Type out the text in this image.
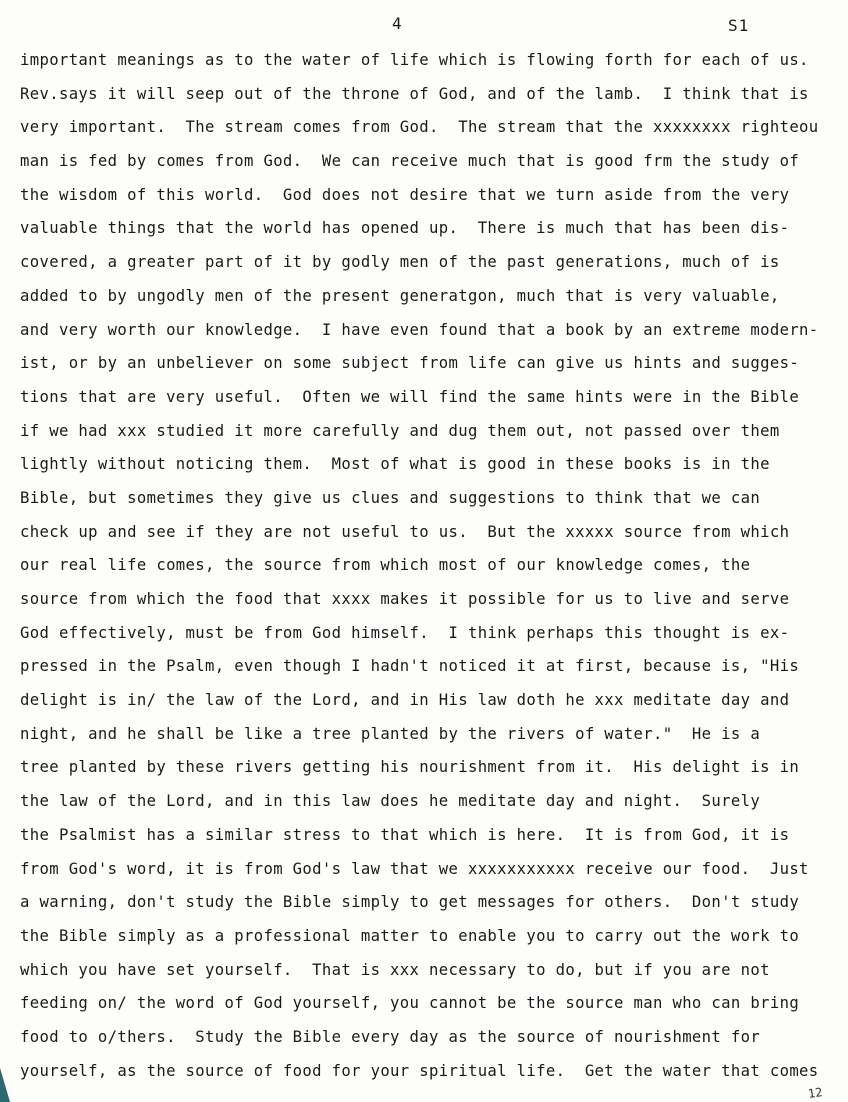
4	S1
important meanings as to the water of life which is flowing forth for each of us.
Rev.says it will seep out of the throne of God, and of the lamb.  I think that is
very important.  The stream comes from God.  The stream that the xxxxxxxx righteou
man is fed by comes from God.  We can receive much that is good frm the study of
the wisdom of this world.  God does not desire that we turn aside from the very
valuable things that the world has opened up.  There is much that has been dis-
covered, a greater part of it by godly men of the past generations, much of is
added to by ungodly men of the present generatgon, much that is very valuable,
and very worth our knowledge.  I have even found that a book by an extreme modern-
ist, or by an unbeliever on some subject from life can give us hints and sugges-
tions that are very useful.  Often we will find the same hints were in the Bible
if we had xxx studied it more carefully and dug them out, not passed over them
lightly without noticing them.  Most of what is good in these books is in the
Bible, but sometimes they give us clues and suggestions to think that we can
check up and see if they are not useful to us.  But the xxxxx source from which
our real life comes, the source from which most of our knowledge comes, the
source from which the food that xxxx makes it possible for us to live and serve
God effectively, must be from God himself.  I think perhaps this thought is ex-
pressed in the Psalm, even though I hadn't noticed it at first, because is, "His
delight is in/ the law of the Lord, and in His law doth he xxx meditate day and
night, and he shall be like a tree planted by the rivers of water."  He is a
tree planted by these rivers getting his nourishment from it.  His delight is in
the law of the Lord, and in this law does he meditate day and night.  Surely
the Psalmist has a similar stress to that which is here.  It is from God, it is
from God's word, it is from God's law that we xxxxxxxxxxx receive our food.  Just
a warning, don't study the Bible simply to get messages for others.  Don't study
the Bible simply as a professional matter to enable you to carry out the work to
which you have set yourself.  That is xxx necessary to do, but if you are not
feeding on/ the word of God yourself, you cannot be the source man who can bring
food to o/thers.  Study the Bible every day as the source of nourishment for
yourself, as the source of food for your spiritual life.  Get the water that comes
12
